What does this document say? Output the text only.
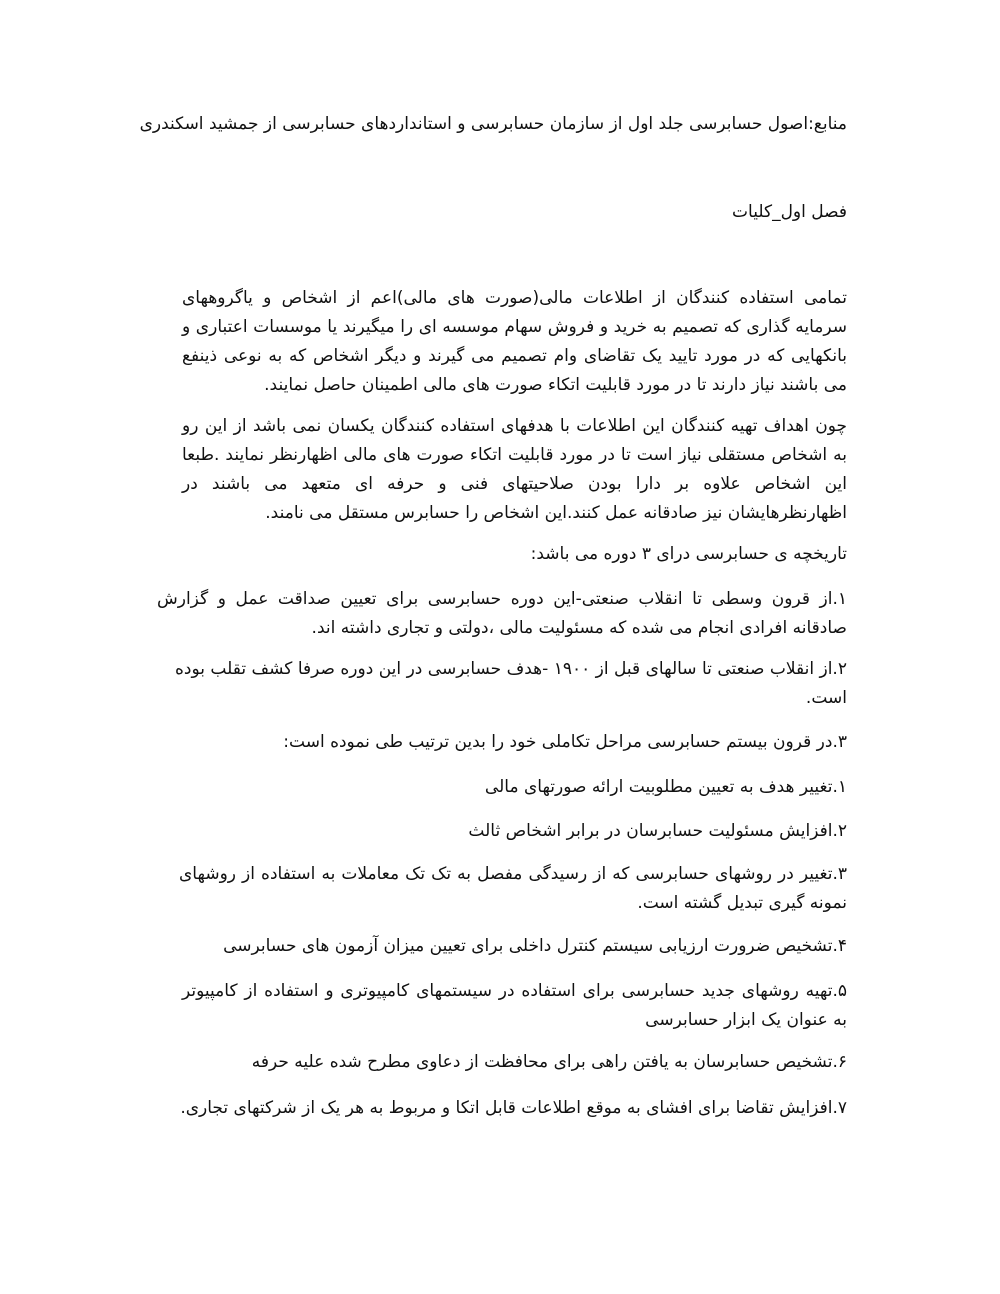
منابع:اصول حسابرسی جلد اول از سازمان حسابرسی و استانداردهای حسابرسی از جمشید اسکندری

فصل اول_کلیات

تمامی استفاده کنندگان از اطلاعات مالی(صورت های مالی)اعم از اشخاص و یاگروههای سرمایه گذاری که تصمیم به خرید و فروش سهام موسسه ای را میگیرند یا موسسات اعتباری و بانکهایی که در مورد تایید یک تقاضای وام تصمیم می گیرند و دیگر اشخاص که به نوعی ذینفع می باشند نیاز دارند تا در مورد قابلیت اتکاء صورت های مالی اطمینان حاصل نمایند.

چون اهداف تهیه کنندگان این اطلاعات با هدفهای استفاده کنندگان یکسان نمی باشد از این رو به اشخاص مستقلی نیاز است تا در مورد قابلیت اتکاء صورت های مالی اظهارنظر نمایند .طبعا این اشخاص علاوه بر دارا بودن صلاحیتهای فنی و حرفه ای متعهد می باشند در اظهارنظرهایشان نیز صادقانه عمل کنند.این اشخاص را حسابرس مستقل می نامند.

تاریخچه ی حسابرسی درای ۳ دوره می باشد:

۱.از قرون وسطی تا انقلاب صنعتی-این دوره حسابرسی برای تعیین صداقت عمل و گزارش صادقانه افرادی انجام می شده که مسئولیت مالی ،دولتی و تجاری داشته اند.

۲.از انقلاب صنعتی تا سالهای قبل از ۱۹۰۰ -هدف حسابرسی در این دوره صرفا کشف تقلب بوده است.

۳.در قرون بیستم حسابرسی مراحل تکاملی خود را بدین ترتیب طی نموده است:

۱.تغییر هدف به تعیین مطلوبیت ارائه صورتهای مالی

۲.افزایش مسئولیت حسابرسان در برابر اشخاص ثالث

۳.تغییر در روشهای حسابرسی که از رسیدگی مفصل به تک تک معاملات به استفاده از روشهای نمونه گیری تبدیل گشته است.

۴.تشخیص ضرورت ارزیابی سیستم کنترل داخلی برای تعیین میزان آزمون های حسابرسی

۵.تهیه روشهای جدید حسابرسی برای استفاده در سیستمهای کامپیوتری و استفاده از کامپیوتر به عنوان یک ابزار حسابرسی

۶.تشخیص حسابرسان به یافتن راهی برای محافظت از دعاوی مطرح شده علیه حرفه

۷.افزایش تقاضا برای افشای به موقع اطلاعات قابل اتکا و مربوط به هر یک از شرکتهای تجاری.
